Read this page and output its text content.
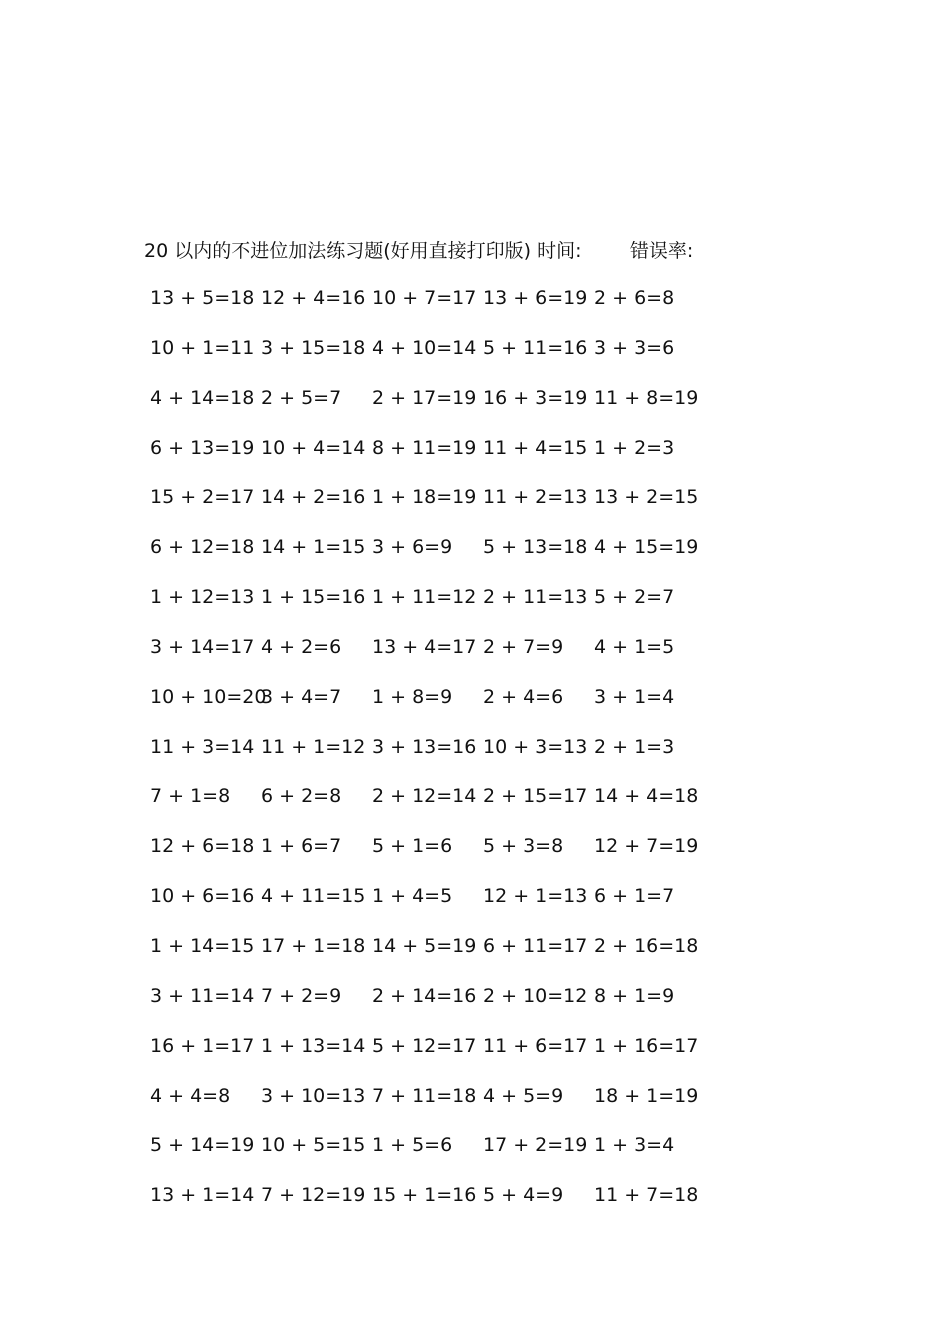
20 以内的不进位加法练习题(好用直接打印版) 时间:	错误率:
13 + 5=18 12 + 4=16 10 + 7=17 13 + 6=19 2 + 6=8
10 + 1=11 3 + 15=18 4 + 10=14 5 + 11=16 3 + 3=6
4 + 14=18 2 + 5=7 2 + 17=19 16 + 3=19 11 + 8=19
6 + 13=19 10 + 4=14 8 + 11=19 11 + 4=15 1 + 2=3
15 + 2=17 14 + 2=16 1 + 18=19 11 + 2=13 13 + 2=15
6 + 12=18 14 + 1=15 3 + 6=9 5 + 13=18 4 + 15=19
1 + 12=13 1 + 15=16 1 + 11=12 2 + 11=13 5 + 2=7
3 + 14=17 4 + 2=6 13 + 4=17 2 + 7=9 4 + 1=5
10 + 10=20
3 + 4=7 1 + 8=9 2 + 4=6 3 + 1=4
11 + 3=14 11 + 1=12 3 + 13=16 10 + 3=13 2 + 1=3
7 + 1=8 6 + 2=8 2 + 12=14 2 + 15=17 14 + 4=18
12 + 6=18 1 + 6=7 5 + 1=6 5 + 3=8 12 + 7=19
10 + 6=16 4 + 11=15 1 + 4=5 12 + 1=13 6 + 1=7
1 + 14=15 17 + 1=18 14 + 5=19 6 + 11=17 2 + 16=18
3 + 11=14 7 + 2=9 2 + 14=16 2 + 10=12 8 + 1=9
16 + 1=17 1 + 13=14 5 + 12=17 11 + 6=17 1 + 16=17
4 + 4=8 3 + 10=13 7 + 11=18 4 + 5=9 18 + 1=19
5 + 14=19 10 + 5=15 1 + 5=6 17 + 2=19 1 + 3=4
13 + 1=14 7 + 12=19 15 + 1=16 5 + 4=9 11 + 7=18
